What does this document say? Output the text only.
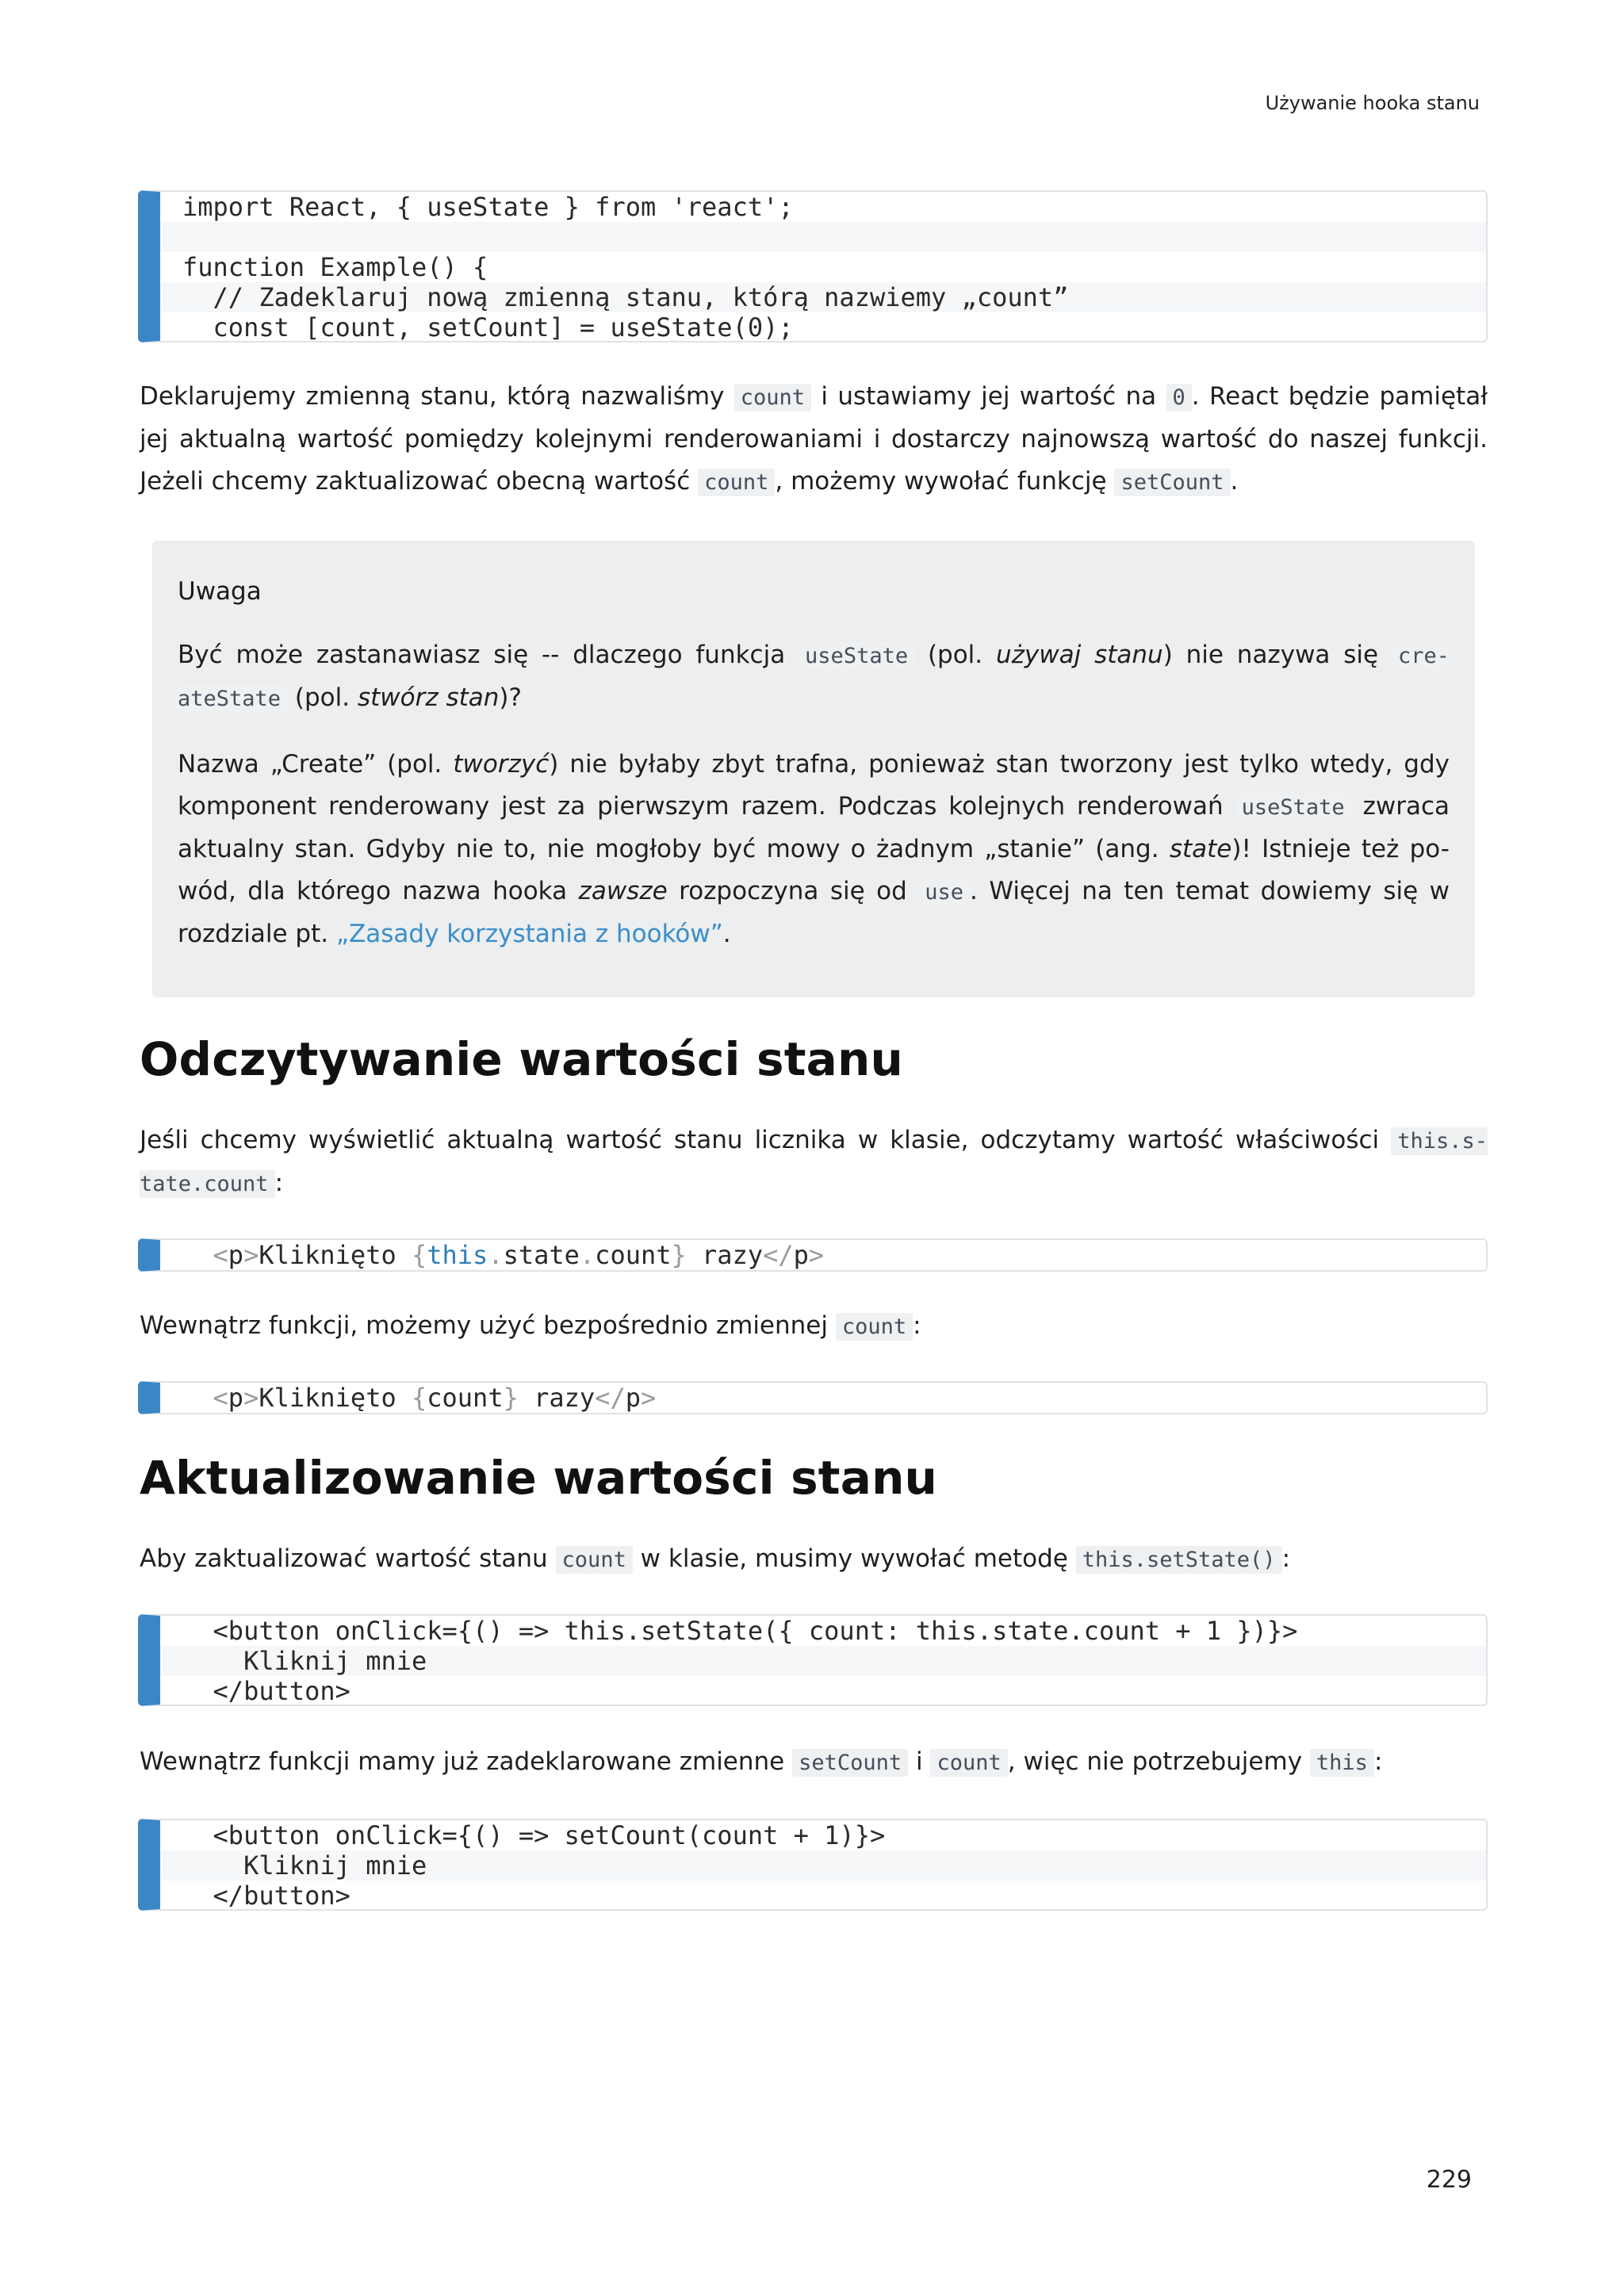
Używanie hooka stanu
import React, { useState } from 'react';
function Example() {
// Zadeklaruj nową zmienną stanu, którą nazwiemy „count”
const [count, setCount] = useState(0);

Deklarujemy zmienną stanu, którą nazwaliśmy count i ustawiamy jej wartość na 0 . React będzie pamiętał jej aktualną wartość pomiędzy kolejnymi renderowaniami i dostarczy najnowszą wartość do naszej funkcji. Jeżeli chcemy zaktualizować obecną wartość count , możemy wywołać funkcję setCount .

Uwaga

Być może zastanawiasz się -- dlaczego funkcja useState (pol. używaj stanu) nie nazywa się cre-ateState (pol. stwórz stan)?

Nazwa „Create” (pol. tworzyć) nie byłaby zbyt trafna, ponieważ stan tworzony jest tylko wtedy, gdy komponent renderowany jest za pierwszym razem. Podczas kolejnych renderowań useState zwraca aktualny stan. Gdyby nie to, nie mogłoby być mowy o żadnym „stanie” (ang. state)! Istnieje też po-wód, dla którego nazwa hooka zawsze rozpoczyna się od use . Więcej na ten temat dowiemy się w rozdziale pt. „Zasady korzystania z hooków”.

Odczytywanie wartości stanu

Jeśli chcemy wyświetlić aktualną wartość stanu licznika w klasie, odczytamy wartość właściwości this.s-tate.count :

<p>Kliknięto {this.state.count} razy</p>

Wewnątrz funkcji, możemy użyć bezpośrednio zmiennej count :

<p>Kliknięto {count} razy</p>
Aktualizowanie wartości stanu

Aby zaktualizować wartość stanu count w klasie, musimy wywołać metodę this.setState() :

<button onClick={() => this.setState({ count: this.state.count + 1 })}>
Kliknij mnie
</button>

Wewnątrz funkcji mamy już zadeklarowane zmienne setCount i count , więc nie potrzebujemy this :

<button onClick={() => setCount(count + 1)}>
Kliknij mnie
</button>
229
